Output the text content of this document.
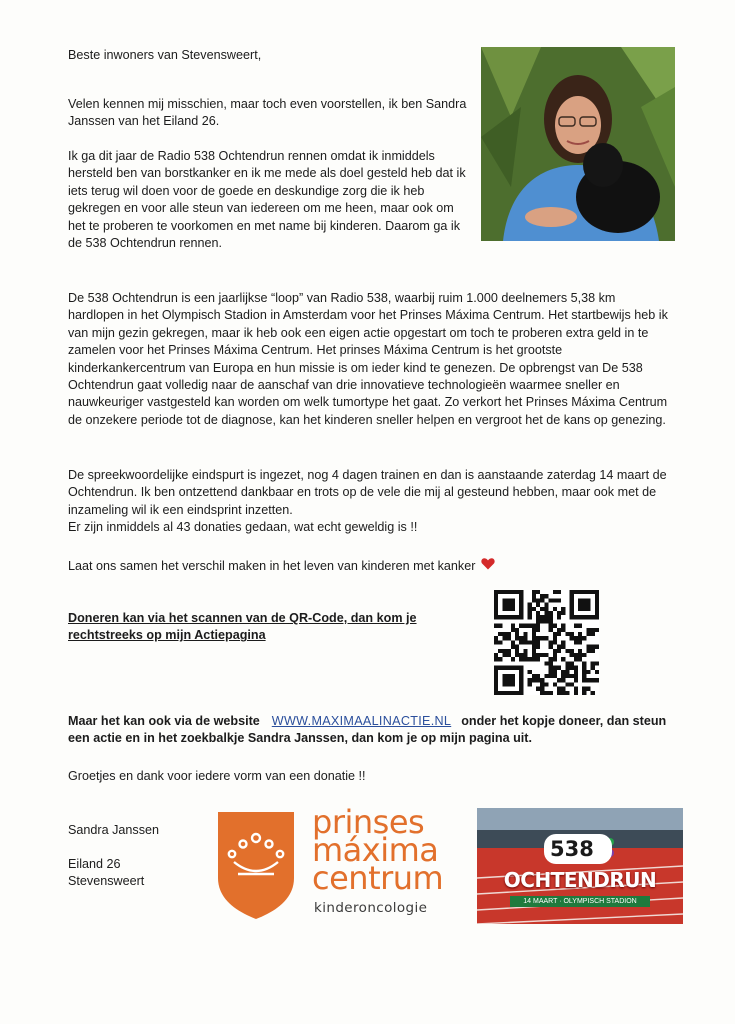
Beste inwoners van Stevensweert,

Velen kennen mij misschien, maar toch even voorstellen, ik ben Sandra Janssen van het Eiland 26.

Ik ga dit jaar de Radio 538 Ochtendrun rennen omdat ik inmiddels hersteld ben van borstkanker en ik me mede als doel gesteld heb dat ik iets terug wil doen voor de goede en deskundige zorg die ik heb gekregen en voor alle steun van iedereen om me heen, maar ook om het te proberen te voorkomen en met name bij kinderen. Daarom ga ik de 538 Ochtendrun rennen.

De 538 Ochtendrun is een jaarlijkse “loop” van Radio 538, waarbij ruim 1.000 deelnemers 5,38 km hardlopen in het Olympisch Stadion in Amsterdam voor het Prinses Máxima Centrum. Het startbewijs heb ik van mijn gezin gekregen, maar ik heb ook een eigen actie opgestart om toch te proberen extra geld in te zamelen voor het Prinses Máxima Centrum. Het prinses Máxima Centrum is het grootste kinderkankercentrum van Europa en hun missie is om ieder kind te genezen. De opbrengst van De 538 Ochtendrun gaat volledig naar de aanschaf van drie innovatieve technologieën waarmee sneller en nauwkeuriger vastgesteld kan worden om welk tumortype het gaat. Zo verkort het Prinses Máxima Centrum de onzekere periode tot de diagnose, kan het kinderen sneller helpen en vergroot het de kans op genezing.

De spreekwoordelijke eindspurt is ingezet, nog 4 dagen trainen en dan is aanstaande zaterdag 14 maart de Ochtendrun. Ik ben ontzettend dankbaar en trots op de vele die mij al gesteund hebben, maar ook met de inzameling wil ik een eindsprint inzetten.

Er zijn inmiddels al 43 donaties gedaan, wat echt geweldig is !!

Laat ons samen het verschil maken in het leven van kinderen met kanker

Doneren kan via het scannen van de QR-Code, dan kom je rechtstreeks op mijn Actiepagina

Maar het kan ook via de website WWW.MAXIMAALINACTIE.NL onder het kopje doneer, dan steun een actie en in het zoekbalkje Sandra Janssen, dan kom je op mijn pagina uit.

Groetjes en dank voor iedere vorm van een donatie !!

Sandra Janssen

Eiland 26
Stevensweert
prinses
máxima
centrum
kinderoncologie
538
OCHTENDRUN
14 MAART · OLYMPISCH STADION
